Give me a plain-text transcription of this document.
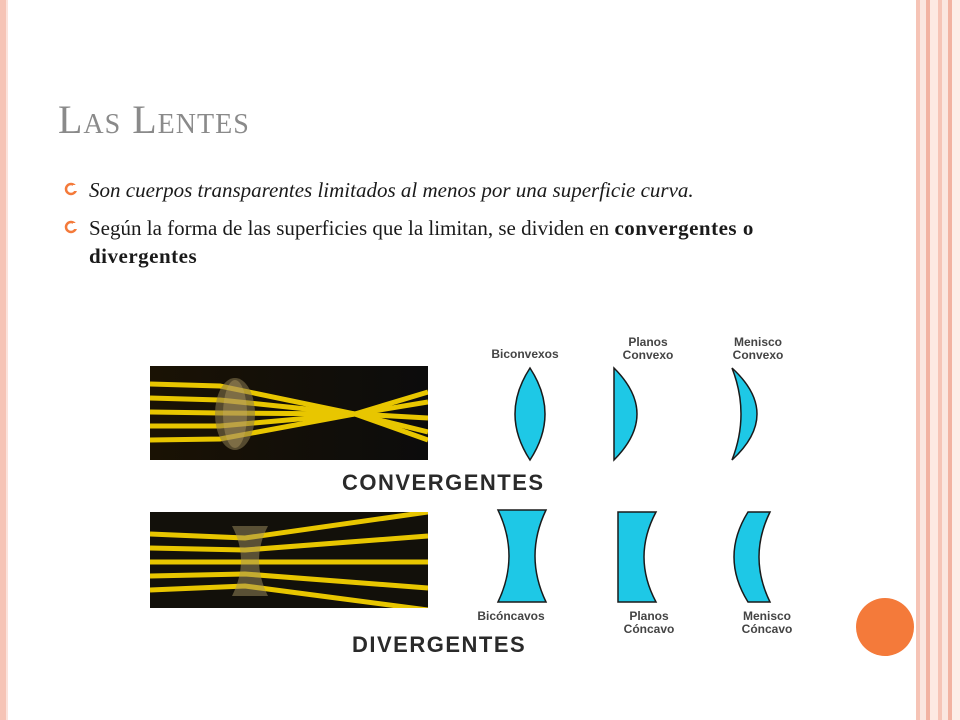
Las Lentes
Son cuerpos transparentes limitados al menos por una superficie curva.
Según la forma de las superficies que la limitan, se dividen en convergentes o divergentes
Biconvexos
Planos Convexo
Menisco Convexo
CONVERGENTES
Bicóncavos	Planos Cóncavo
Menisco Cóncavo
DIVERGENTES
